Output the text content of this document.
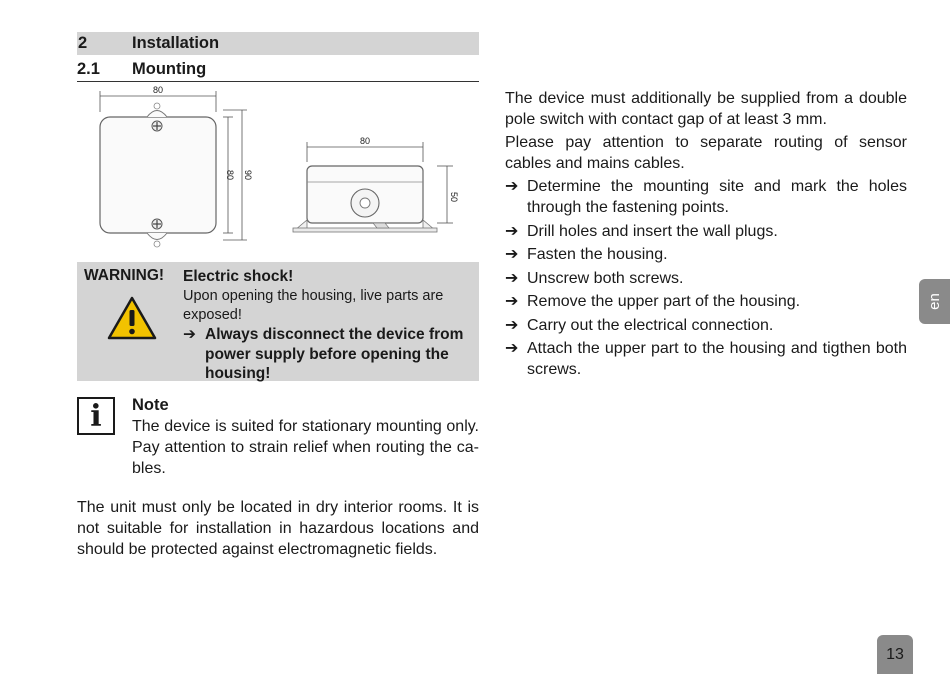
2	Installation
2.1	Mounting
80
80 90
80
50
WARNING!	Electric shock!
Upon opening the housing, live parts are exposed!
➔ Always disconnect the device from power supply before opening the housing!
i	Note
The device is suited for stationary mounting only. Pay attention to strain relief when routing the ca-bles.
The unit must only be located in dry interior rooms. It is not suitable for installation in hazardous locations and should be protected against electromagnetic fields.
The device must additionally be supplied from a double pole switch with contact gap of at least 3 mm.
Please pay attention to separate routing of sensor cables and mains cables.
➔ Determine the mounting site and mark the holes through the fastening points.
➔ Drill holes and insert the wall plugs.
➔ Fasten the housing.
➔ Unscrew both screws.
➔ Remove the upper part of the housing.
➔ Carry out the electrical connection.
➔ Attach the upper part to the housing and tigthen both screws.
en
13
